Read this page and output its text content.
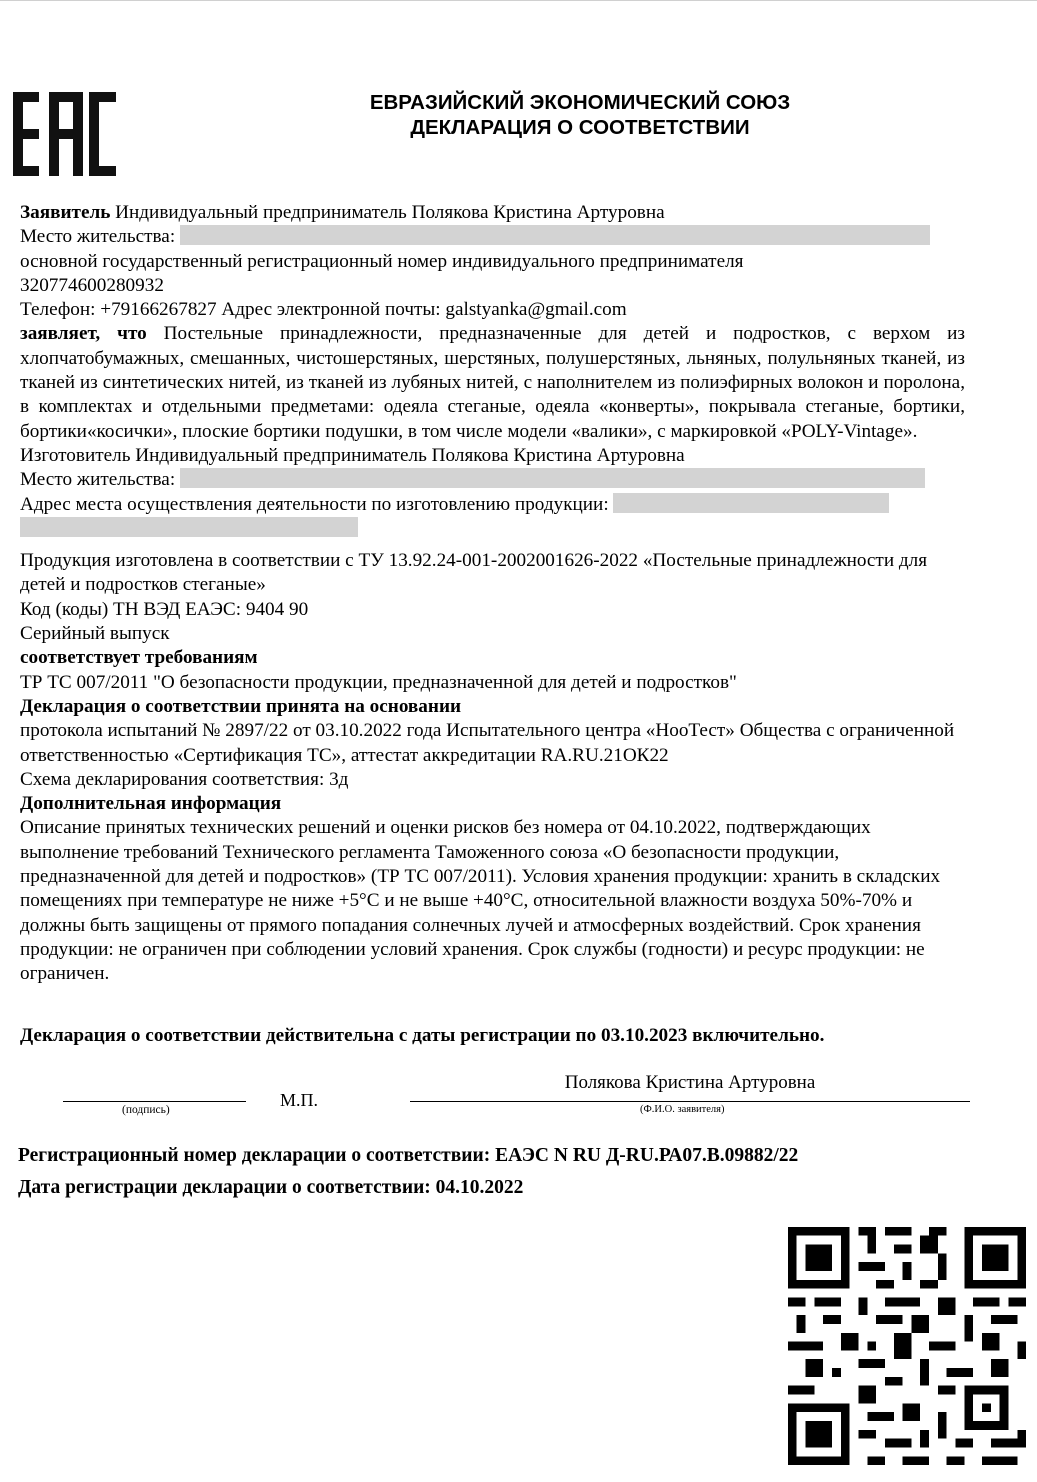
ЕВРАЗИЙСКИЙ ЭКОНОМИЧЕСКИЙ СОЮЗ
ДЕКЛАРАЦИЯ О СООТВЕТСТВИИ

Заявитель Индивидуальный предприниматель Полякова Кристина Артуровна

Место жительства:

основной государственный регистрационный номер индивидуального предпринимателя

320774600280932

Телефон: +79166267827 Адрес электронной почты: galstyanka@gmail.com

заявляет, что Постельные принадлежности, предназначенные для детей и подростков, с верхом из хлопчатобумажных, смешанных, чистошерстяных, шерстяных, полушерстяных, льняных, полульняных тканей, из тканей из синтетических нитей, из тканей из лубяных нитей, с наполнителем из полиэфирных волокон и поролона, в комплектах и отдельными предметами: одеяла стеганые, одеяла «конверты», покрывала стеганые, бортики, бортики«косички», плоские бортики подушки, в том числе модели «валики», с маркировкой «POLY-Vintage».

Изготовитель Индивидуальный предприниматель Полякова Кристина Артуровна

Место жительства:

Адрес места осуществления деятельности по изготовлению продукции:

Продукция изготовлена в соответствии с ТУ 13.92.24-001-2002001626-2022 «Постельные принадлежности для детей и подростков стеганые»

Код (коды) ТН ВЭД ЕАЭС: 9404 90

Серийный выпуск

соответствует требованиям

ТР ТС 007/2011 "О безопасности продукции, предназначенной для детей и подростков"

Декларация о соответствии принята на основании

протокола испытаний № 2897/22 от 03.10.2022 года Испытательного центра «НооТест» Общества с ограниченной ответственностью «Сертификация ТС», аттестат аккредитации RA.RU.21ОК22

Схема декларирования соответствия: 3д

Дополнительная информация

Описание принятых технических решений и оценки рисков без номера от 04.10.2022, подтверждающих выполнение требований Технического регламента Таможенного союза «О безопасности продукции, предназначенной для детей и подростков» (ТР ТС 007/2011). Условия хранения продукции: хранить в складских помещениях при температуре не ниже +5°С и не выше +40°С, относительной влажности воздуха 50%-70% и должны быть защищены от прямого попадания солнечных лучей и атмосферных воздействий. Срок хранения продукции: не ограничен при соблюдении условий хранения. Срок службы (годности) и ресурс продукции: не ограничен.

Декларация о соответствии действительна с даты регистрации по 03.10.2023 включительно.
(подпись)	М.П.
Полякова Кристина Артуровна
(Ф.И.О. заявителя)
Регистрационный номер декларации о соответствии: ЕАЭС N RU Д-RU.РА07.В.09882/22
Дата регистрации декларации о соответствии: 04.10.2022
